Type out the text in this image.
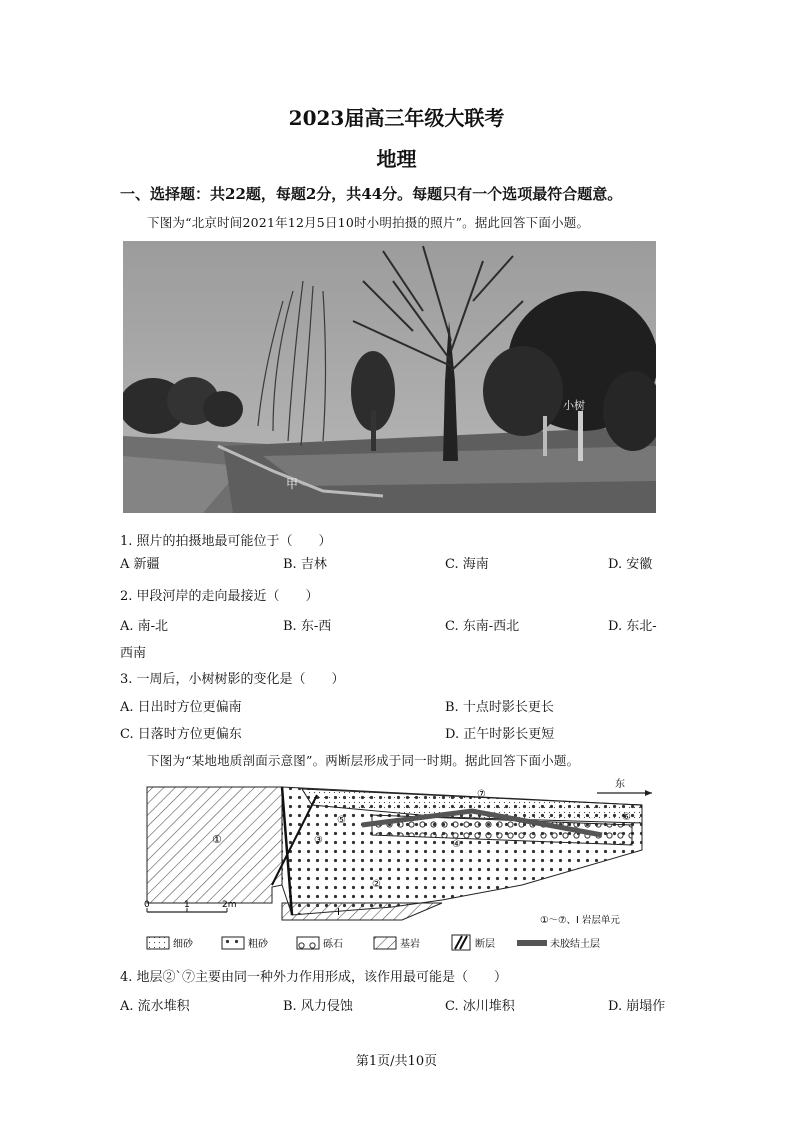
2023届高三年级大联考
地理
一、选择题：共22题，每题2分，共44分。每题只有一个选项最符合题意。
下图为“北京时间2021年12月5日10时小明拍摄的照片”。据此回答下面小题。
甲
小树
1. 照片的拍摄地最可能位于（　　）
A 新疆	B. 吉林	C. 海南	D. 安徽
2. 甲段河岸的走向最接近（　　）
A. 南-北	B. 东-西	C. 东南-西北	D. 东北-
西南
3. 一周后，小树树影的变化是（　　）
A. 日出时方位更偏南	B. 十点时影长更长
C. 日落时方位更偏东	D. 正午时影长更短
下图为“某地地质剖面示意图”。两断层形成于同一时期。据此回答下面小题。
东
①
⑦
⑥
⑤
④
③
②
Ⅰ
0	1	2m
①～⑦、Ⅰ 岩层单元
细砂	粗砂	砾石	基岩	断层	未胶结土层
4. 地层②`⑦主要由同一种外力作用形成，该作用最可能是（　　）
A. 流水堆积	B. 风力侵蚀	C. 冰川堆积	D. 崩塌作
第1页/共10页
